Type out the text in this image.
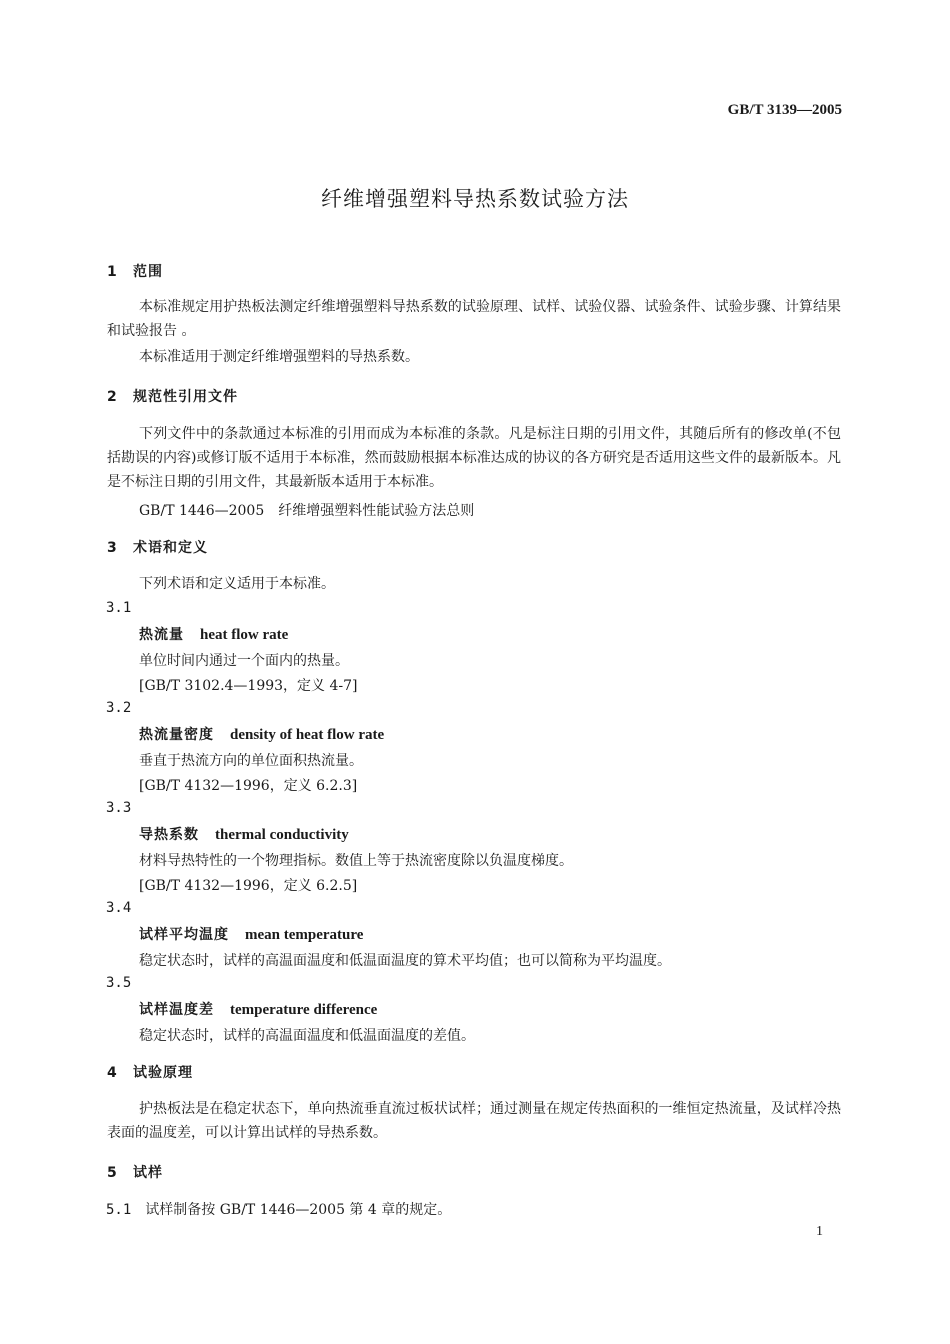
GB/T 3139—2005
纤维增强塑料导热系数试验方法
1 范围

本标准规定用护热板法测定纤维增强塑料导热系数的试验原理、试样、试验仪器、试验条件、试验步骤、计算结果和试验报告 。

本标准适用于测定纤维增强塑料的导热系数。

2 规范性引用文件

下列文件中的条款通过本标准的引用而成为本标准的条款。凡是标注日期的引用文件，其随后所有的修改单(不包括勘误的内容)或修订版不适用于本标准，然而鼓励根据本标准达成的协议的各方研究是否适用这些文件的最新版本。凡是不标注日期的引用文件，其最新版本适用于本标准。

GB/T 1446—2005　纤维增强塑料性能试验方法总则
3 术语和定义
下列术语和定义适用于本标准。
3.1
热流量 heat flow rate
单位时间内通过一个面内的热量。
[GB/T 3102.4—1993，定义 4-7]
3.2
热流量密度 density of heat flow rate
垂直于热流方向的单位面积热流量。
[GB/T 4132—1996，定义 6.2.3]
3.3
导热系数 thermal conductivity
材料导热特性的一个物理指标。数值上等于热流密度除以负温度梯度。
[GB/T 4132—1996，定义 6.2.5]
3.4
试样平均温度 mean temperature
稳定状态时，试样的高温面温度和低温面温度的算术平均值；也可以简称为平均温度。
3.5
试样温度差 temperature difference
稳定状态时，试样的高温面温度和低温面温度的差值。
4 试验原理

护热板法是在稳定状态下，单向热流垂直流过板状试样；通过测量在规定传热面积的一维恒定热流量，及试样冷热表面的温度差，可以计算出试样的导热系数。

5 试样
5.1 试样制备按 GB/T 1446—2005 第 4 章的规定。
1
